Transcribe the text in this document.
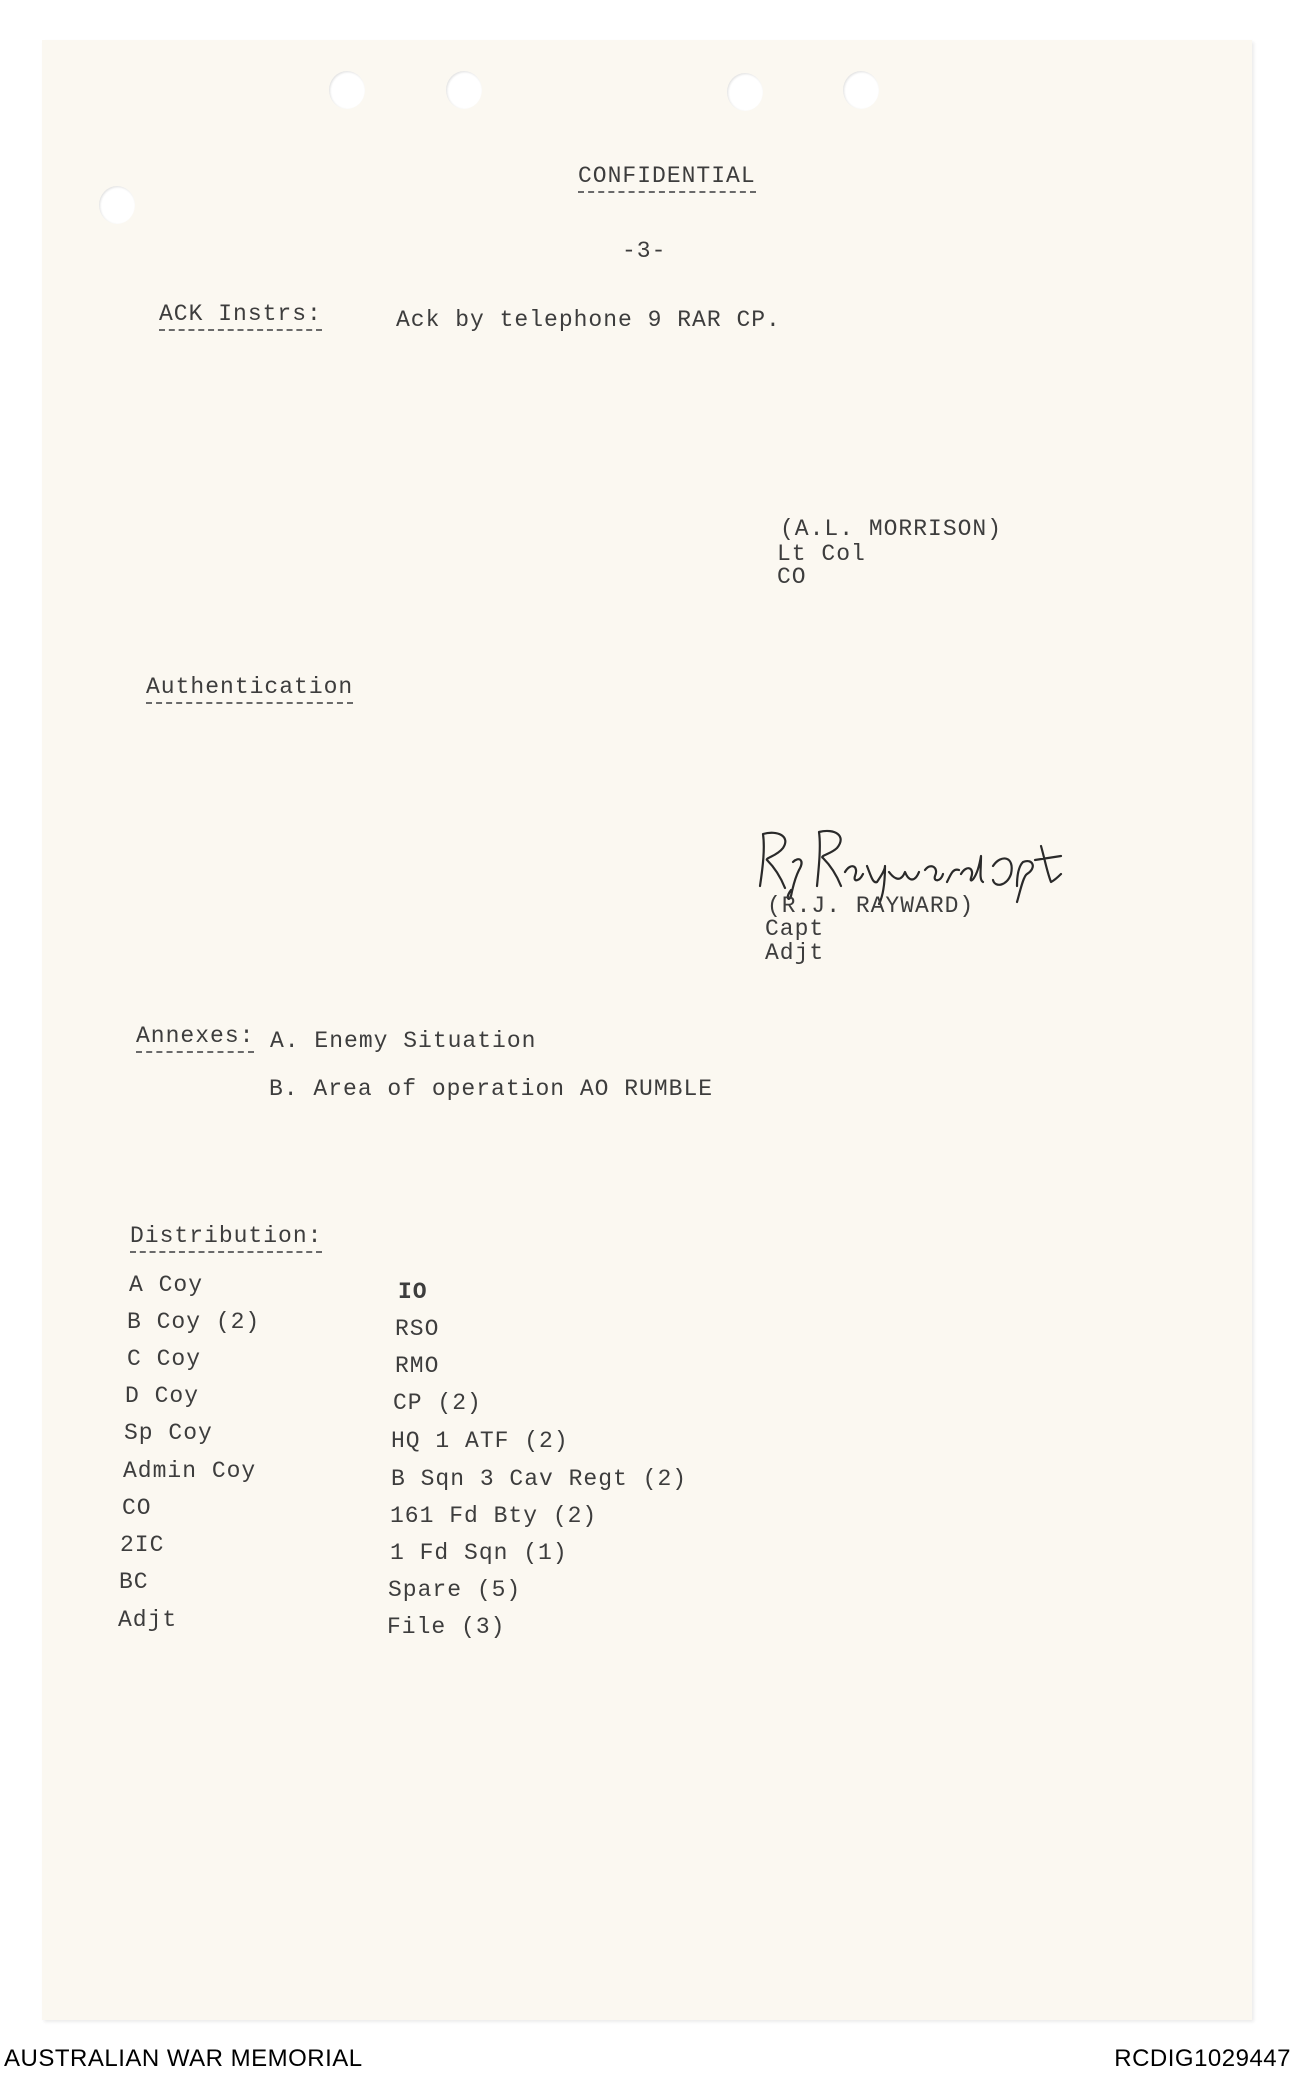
CONFIDENTIAL
-3-
ACK Instrs:	Ack by telephone 9 RAR CP.
(A.L. MORRISON)
Lt Col
CO
Authentication
(R.J. RAYWARD)
Capt
Adjt
Annexes: A. Enemy Situation
B. Area of operation AO RUMBLE
Distribution:
A Coy
B Coy (2)
C Coy
D Coy
Sp Coy
Admin Coy
CO
2IC
BC
Adjt
IO
RSO
RMO
CP (2)
HQ 1 ATF (2)
B Sqn 3 Cav Regt (2)
161 Fd Bty (2)
1 Fd Sqn (1)
Spare (5)
File (3)
AUSTRALIAN WAR MEMORIAL	RCDIG1029447
